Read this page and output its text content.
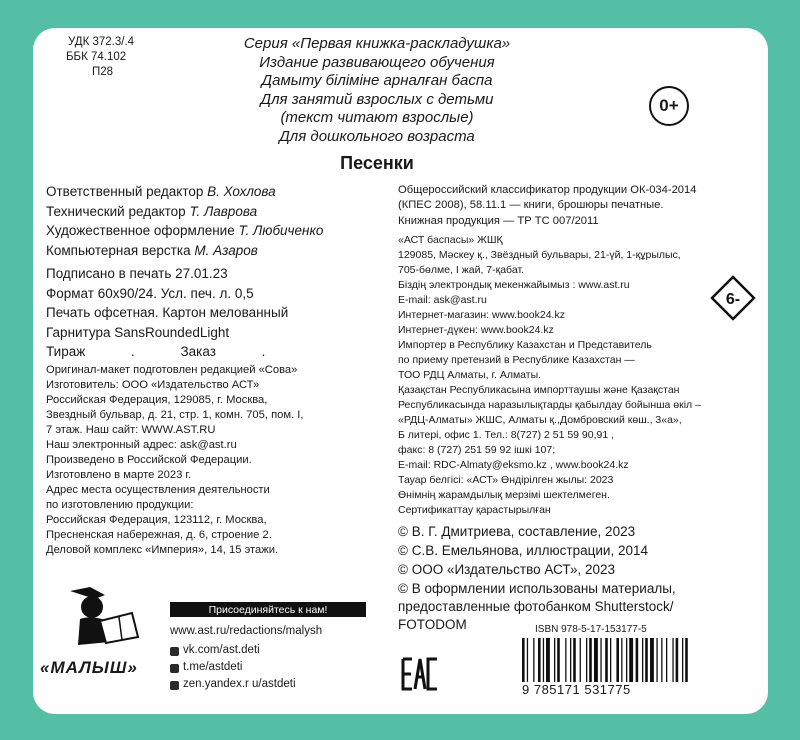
УДК 372.3/.4
ББК 74.102
П28
Серия «Первая книжка-раскладушка»
Издание развивающего обучения
Дамыту біліміне арналған баспа
Для занятий взрослых с детьми
(текст читают взрослые)
Для дошкольного возраста
0+
Песенки
Ответственный редактор В. Хохлова
Технический редактор Т. Лаврова
Художественное оформление Т. Любиченко
Компьютерная верстка М. Азаров
Подписано в печать 27.01.23
Формат 60х90/24. Усл. печ. л. 0,5
Печать офсетная. Картон мелованный
Гарнитура SansRoundedLight
Тираж . Заказ .
Оригинал-макет подготовлен редакцией «Сова»
Изготовитель: ООО «Издательство АСТ»
Российская Федерация, 129085, г. Москва,
Звездный бульвар, д. 21, стр. 1, комн. 705, пом. I,
7 этаж. Наш сайт: WWW.AST.RU
Наш электронный адрес: ask@ast.ru
Произведено в Российской Федерации.
Изготовлено в марте 2023 г.
Адрес места осуществления деятельности
по изготовлению продукции:
Российская Федерация, 123112, г. Москва,
Пресненская набережная, д. 6, строение 2.
Деловой комплекс «Империя», 14, 15 этажи.
Общероссийский классификатор продукции ОК-034-2014
(КПЕС 2008), 58.11.1 — книги, брошюры печатные.
Книжная продукция — ТР ТС 007/2011
«АСТ баспасы» ЖШҚ
129085, Мәскеу қ., Звёздный бульвары, 21-үй, 1-құрылыс,
705-бөлме, I жай, 7-қабат.
Біздің электрондық мекенжайымыз : www.ast.ru
E-mail: ask@ast.ru
Интернет-магазин: www.book24.kz
Интернет-дүкен: www.book24.kz
Импортер в Республику Казахстан и Представитель
по приему претензий в Республике Казахстан —
ТОО РДЦ Алматы, г. Алматы.
Қазақстан Республикасына импорттаушы және Қазақстан
Республикасында наразылықтарды қабылдау бойынша өкіл –
«РДЦ-Алматы» ЖШС, Алматы қ.,Домбровский көш., 3«а»,
Б литері, офис 1. Тел.: 8(727) 2 51 59 90,91 ,
факс: 8 (727) 251 59 92 ішкі 107;
E-mail: RDC-Almaty@eksmo.kz , www.book24.kz
Тауар белгісі: «АСТ» Өндірілген жылы: 2023
Өнімнің жарамдылық мерзімі шектелмеген.
Сертификаттау қарастырылған
6-
© В. Г. Дмитриева, составление, 2023
© С.В. Емельянова, иллюстрации, 2014
© ООО «Издательство АСТ», 2023
© В оформлении использованы материалы,
предоставленные фотобанком Shutterstock/
FOTODOM	ISBN 978-5-17-153177-5
9 785171 531775
«МАЛЫШ»
Присоединяйтесь к нам!
www.ast.ru/redactions/malysh
vk.com/ast.deti
t.me/astdeti
zen.yandex.r u/astdeti
